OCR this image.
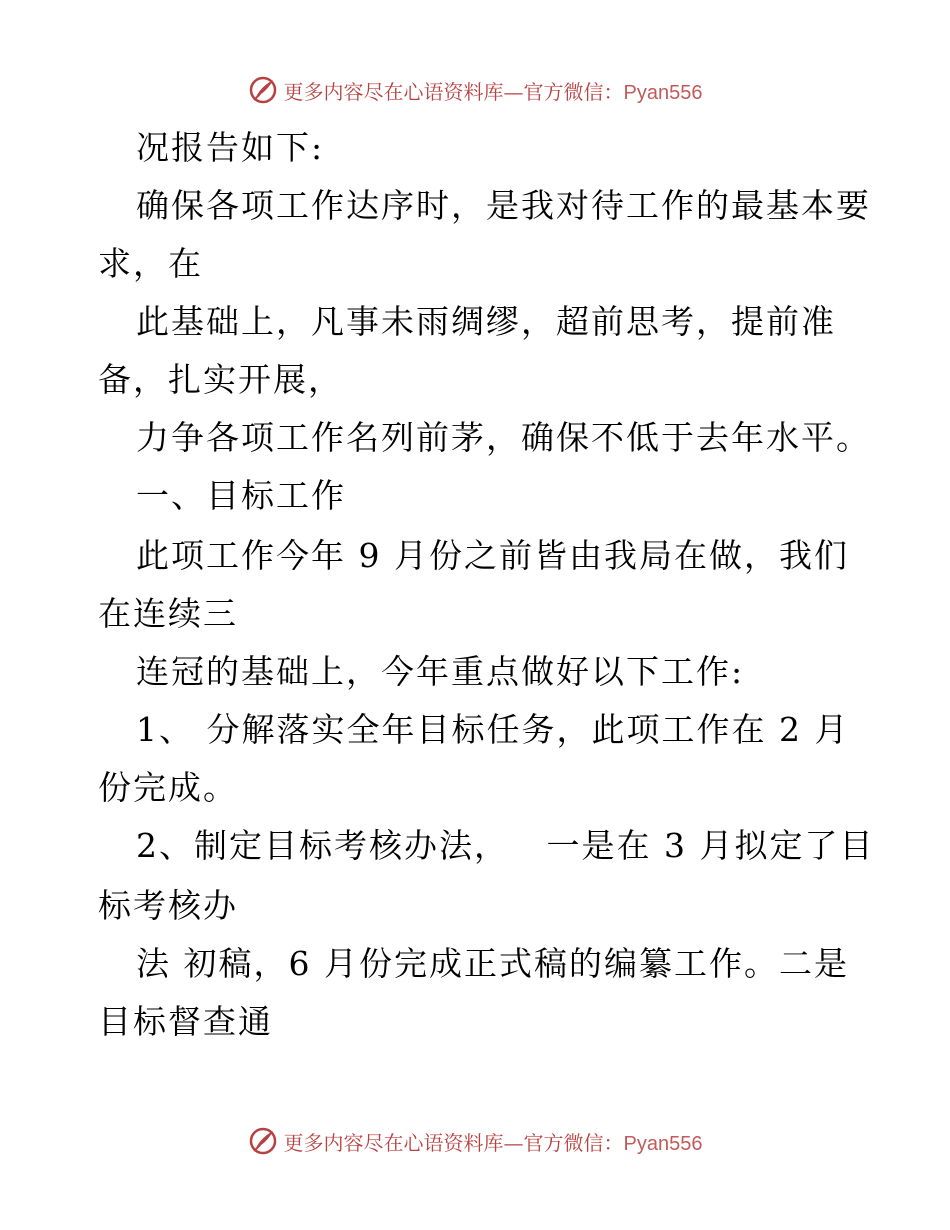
更多内容尽在心语资料库—官方微信：Pyan556
况报告如下:
确保各项工作达序时，是我对待工作的最基本要
求，在
此基础上，凡事未雨绸缪，超前思考，提前准
备，扎实开展，
力争各项工作名列前茅，确保不低于去年水平。
一、目标工作
此项工作今年 9 月份之前皆由我局在做，我们
在连续三
连冠的基础上，今年重点做好以下工作:
1、 分解落实全年目标任务，此项工作在 2 月
份完成。
2、制定目标考核办法，   一是在 3 月拟定了目
标考核办
法 初稿，6 月份完成正式稿的编纂工作。二是
目标督查通
更多内容尽在心语资料库—官方微信：Pyan556
